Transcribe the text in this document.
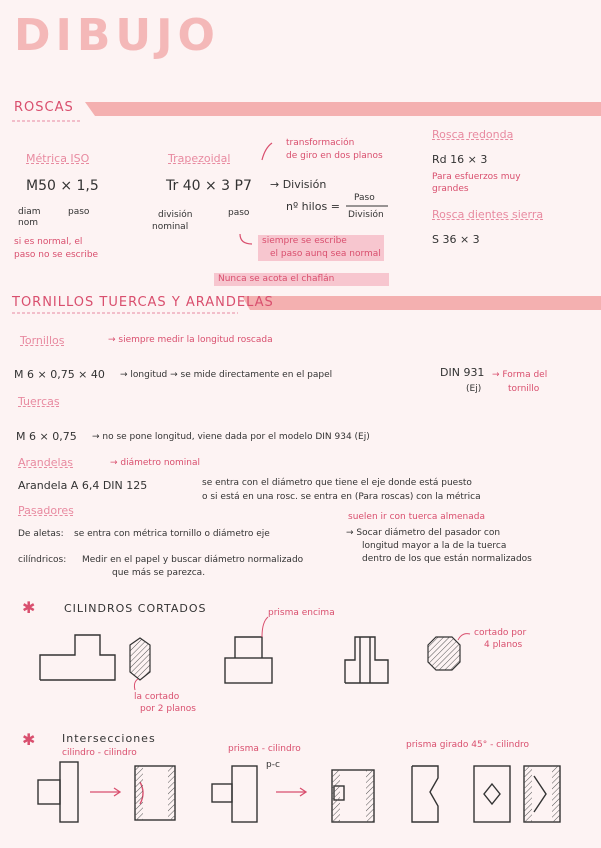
DIBUJO
ROSCAS
Métrica ISO
M50 × 1,5
diam
nom
paso
si es normal, el
paso no se escribe
Trapezoidal
Tr 40 × 3 P7
división
nominal
paso
→ División
nº hilos =
Paso
División
transformación
de giro en dos planos
siempre se escribe
el paso aunq sea normal
Rosca redonda
Rd 16 × 3
Para esfuerzos muy
grandes
Rosca dientes sierra
S 36 × 3
Nunca se acota el chaflán
TORNILLOS TUERCAS Y ARANDELAS
Tornillos	→ siempre medir la longitud roscada
M 6 × 0,75 × 40 → longitud → se mide directamente en el papel	DIN 931
(Ej)
→ Forma del
tornillo
Tuercas
M 6 × 0,75 → no se pone longitud, viene dada por el modelo DIN 934 (Ej)
Arandelas	→ diámetro nominal
Arandela A 6,4 DIN 125	se entra con el diámetro que tiene el eje donde está puesto
o si está en una rosc. se entra en (Para roscas) con la métrica
Pasadores	suelen ir con tuerca almenada
De aletas: se entra con métrica tornillo o diámetro eje	→ Socar diámetro del pasador con
longitud mayor a la de la tuerca
dentro de los que están normalizados
cilíndricos: Medir en el papel y buscar diámetro normalizado
que más se parezca.
✱	CILINDROS CORTADOS	prisma encima
cortado por
4 planos
la cortado
por 2 planos
✱ Intersecciones
cilindro - cilindro	prisma - cilindro
p-c
prisma girado 45° - cilindro
